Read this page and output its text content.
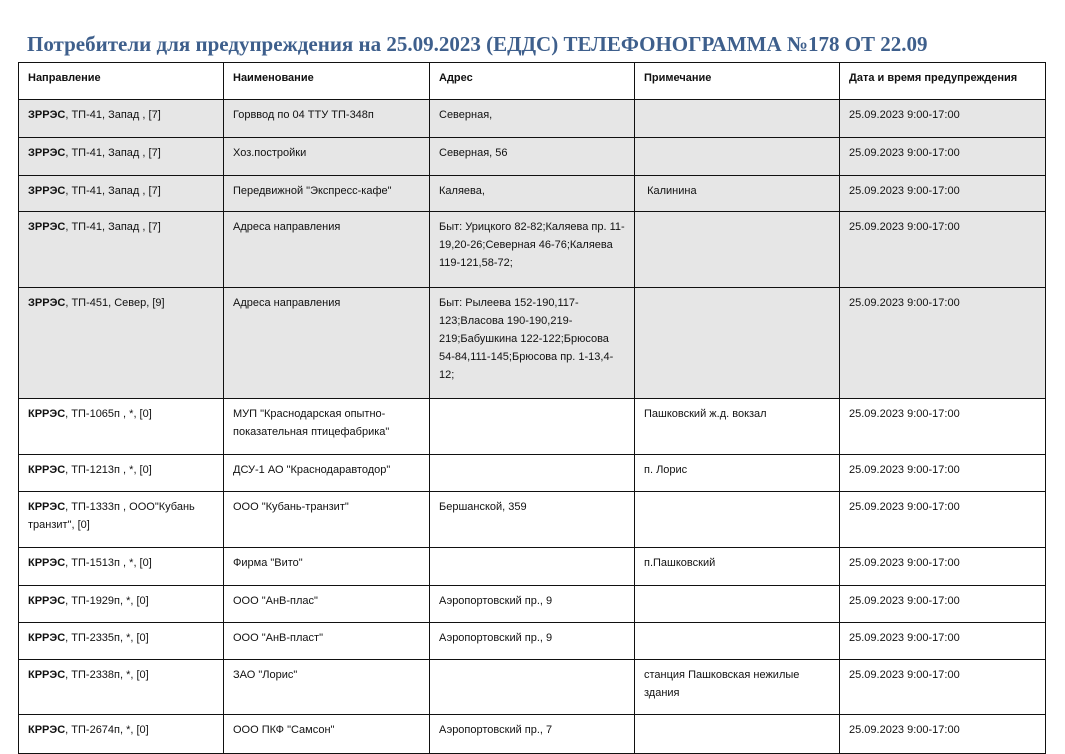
Потребители для предупреждения на 25.09.2023 (ЕДДС) ТЕЛЕФОНОГРАММА №178 ОТ 22.09
Направление	Наименование	Адрес	Примечание	Дата и время предупреждения
ЗРРЭС, ТП-41, Запад , [7]	Горввод по 04 ТТУ ТП-348п	Северная,		25.09.2023 9:00-17:00
ЗРРЭС, ТП-41, Запад , [7]	Хоз.постройки	Северная, 56		25.09.2023 9:00-17:00
ЗРРЭС, ТП-41, Запад , [7]	Передвижной "Экспресс-кафе"	Каляева,	Калинина	25.09.2023 9:00-17:00
ЗРРЭС, ТП-41, Запад , [7]	Адреса направления	Быт: Урицкого 82-82;Каляева пр. 11-19,20-26;Северная 46-76;Каляева 119-121,58-72;		25.09.2023 9:00-17:00
ЗРРЭС, ТП-451, Север, [9]	Адреса направления	Быт: Рылеева 152-190,117-123;Власова 190-190,219-219;Бабушкина 122-122;Брюсова 54-84,111-145;Брюсова пр. 1-13,4-12;		25.09.2023 9:00-17:00
КРРЭС, ТП-1065п , *, [0]	МУП "Краснодарская опытно-показательная птицефабрика"		Пашковский ж.д. вокзал	25.09.2023 9:00-17:00
КРРЭС, ТП-1213п , *, [0]	ДСУ-1 АО "Краснодаравтодор"		п. Лорис	25.09.2023 9:00-17:00
КРРЭС, ТП-1333п , ООО"Кубань транзит", [0]	ООО "Кубань-транзит"	Бершанской, 359		25.09.2023 9:00-17:00
КРРЭС, ТП-1513п , *, [0]	Фирма "Вито"		п.Пашковский	25.09.2023 9:00-17:00
КРРЭС, ТП-1929п, *, [0]	ООО "АнВ-плас"	Аэропортовский пр., 9		25.09.2023 9:00-17:00
КРРЭС, ТП-2335п, *, [0]	ООО "АнВ-пласт"	Аэропортовский пр., 9		25.09.2023 9:00-17:00
КРРЭС, ТП-2338п, *, [0]	ЗАО "Лорис"		станция Пашковская нежилые здания	25.09.2023 9:00-17:00
КРРЭС, ТП-2674п, *, [0]	ООО ПКФ "Самсон"	Аэропортовский пр., 7		25.09.2023 9:00-17:00
